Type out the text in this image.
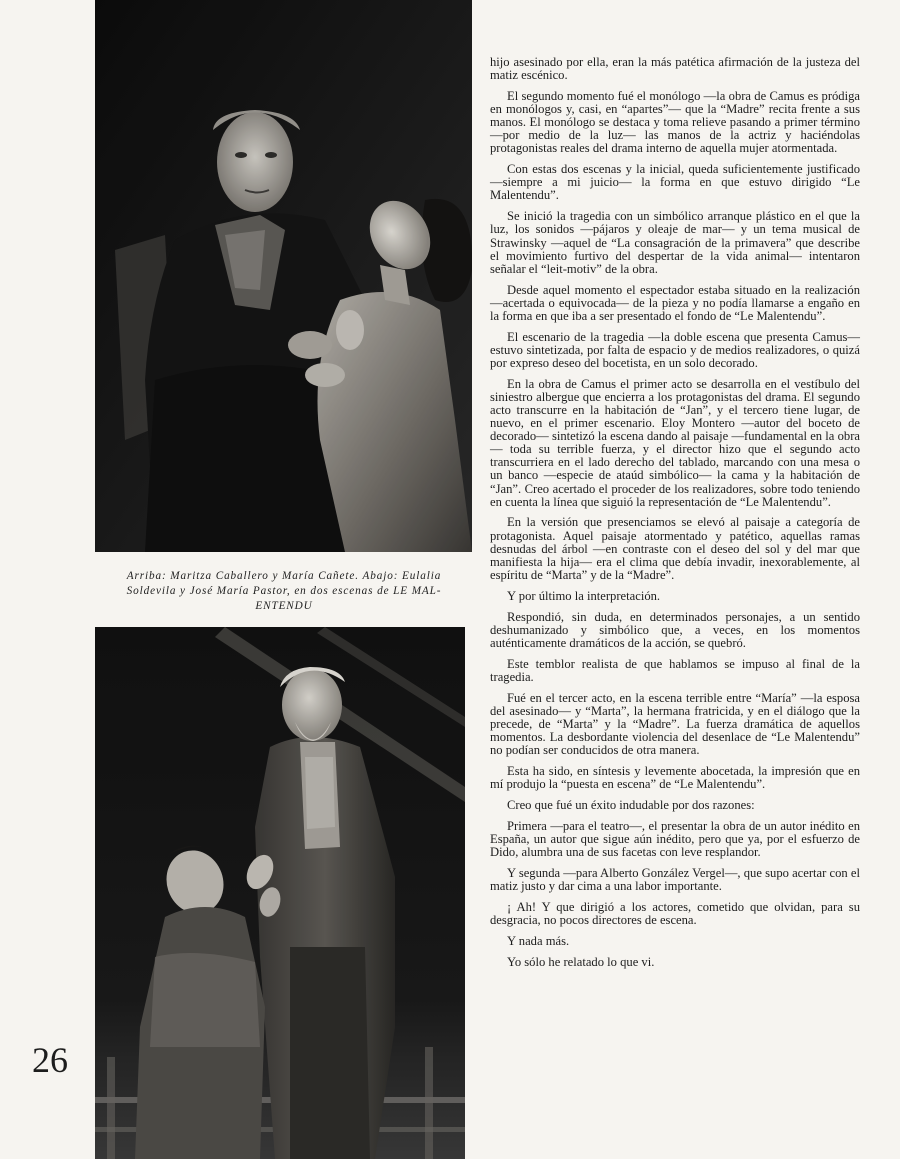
Arriba: Maritza Caballero y María Cañete. Abajo: Eulalia
Soldevila y José María Pastor, en dos escenas de LE MAL-
ENTENDU
26

hijo asesinado por ella, eran la más patética afirmación de la justeza del matiz escénico.

El segundo momento fué el monólogo —la obra de Camus es pródiga en monólogos y, casi, en “apartes”— que la “Madre” recita frente a sus manos. El monólogo se destaca y toma relieve pasando a primer término —por medio de la luz— las manos de la actriz y haciéndolas protagonistas reales del drama interno de aquella mujer atormentada.

Con estas dos escenas y la inicial, queda suficientemente justificado —siempre a mi juicio— la forma en que estuvo dirigido “Le Malentendu”.

Se inició la tragedia con un simbólico arranque plástico en el que la luz, los sonidos —pájaros y oleaje de mar— y un tema musical de Strawinsky —aquel de “La consagración de la primavera” que describe el movimiento furtivo del despertar de la vida animal— intentaron señalar el “leit-motiv” de la obra.

Desde aquel momento el espectador estaba situado en la realización —acertada o equivocada— de la pieza y no podía llamarse a engaño en la forma en que iba a ser presentado el fondo de “Le Malentendu”.

El escenario de la tragedia —la doble escena que presenta Camus— estuvo sintetizada, por falta de espacio y de medios realizadores, o quizá por expreso deseo del bocetista, en un solo decorado.

En la obra de Camus el primer acto se desarrolla en el vestíbulo del siniestro albergue que encierra a los protagonistas del drama. El segundo acto transcurre en la habitación de “Jan”, y el tercero tiene lugar, de nuevo, en el primer escenario. Eloy Montero —autor del boceto de decorado— sintetizó la escena dando al paisaje —fundamental en la obra— toda su terrible fuerza, y el director hizo que el segundo acto transcurriera en el lado derecho del tablado, marcando con una mesa o un banco —especie de ataúd simbólico— la cama y la habitación de “Jan”. Creo acertado el proceder de los realizadores, sobre todo teniendo en cuenta la línea que siguió la representación de “Le Malentendu”.

En la versión que presenciamos se elevó al paisaje a categoría de protagonista. Aquel paisaje atormentado y patético, aquellas ramas desnudas del árbol —en contraste con el deseo del sol y del mar que manifiesta la hija— era el clima que debía invadir, inexorablemente, al espíritu de “Marta” y de la “Madre”.

Y por último la interpretación.

Respondió, sin duda, en determinados personajes, a un sentido deshumanizado y simbólico que, a veces, en los momentos auténticamente dramáticos de la acción, se quebró.

Este temblor realista de que hablamos se impuso al final de la tragedia.

Fué en el tercer acto, en la escena terrible entre “María” —la esposa del asesinado— y “Marta”, la hermana fratricida, y en el diálogo que la precede, de “Marta” y la “Madre”. La fuerza dramática de aquellos momentos. La desbordante violencia del desenlace de “Le Malentendu” no podían ser conducidos de otra manera.

Esta ha sido, en síntesis y levemente abocetada, la impresión que en mí produjo la “puesta en escena” de “Le Malentendu”.

Creo que fué un éxito indudable por dos razones:

Primera —para el teatro—, el presentar la obra de un autor inédito en España, un autor que sigue aún inédito, pero que ya, por el esfuerzo de Dido, alumbra una de sus facetas con leve resplandor.

Y segunda —para Alberto González Vergel—, que supo acertar con el matiz justo y dar cima a una labor importante.

¡ Ah! Y que dirigió a los actores, cometido que olvidan, para su desgracia, no pocos directores de escena.

Y nada más.

Yo sólo he relatado lo que vi.
